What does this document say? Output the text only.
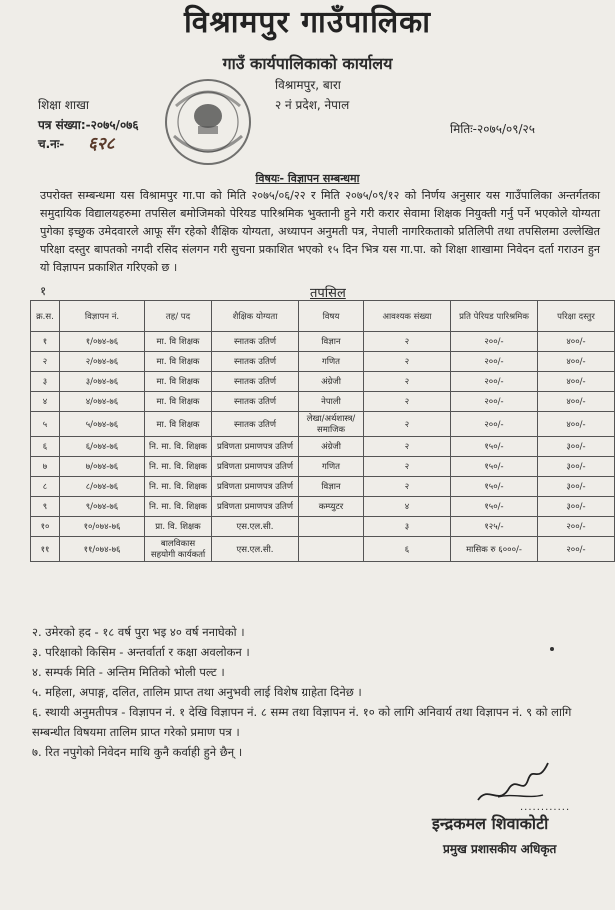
विश्रामपुर गाउँपालिका
गाउँ कार्यपालिकाको कार्यालय
विश्रामपुर, बारा
२ नं प्रदेश, नेपाल
शिक्षा शाखा
पत्र संख्या:-२०७५/०७६
च.नः- ६२८
मितिः-२०७५/०९/२५
विषयः- विज्ञापन सम्बन्धमा
उपरोक्त सम्बन्धमा यस विश्रामपुर गा.पा को मिति २०७५/०६/२२ र मिति २०७५/०९/१२ को निर्णय अनुसार यस गाउँपालिका अन्तर्गतका समुदायिक विद्यालयहरुमा तपसिल बमोजिमको पेरियड पारिश्रमिक भुक्तानी हुने गरी करार सेवामा शिक्षक नियुक्ती गर्नु पर्ने भएकोले योग्यता पुगेका इच्छुक उमेदवारले आफू सँग रहेको शैक्षिक योग्यता, अध्यापन अनुमती पत्र, नेपाली नागरिकताको प्रतिलिपी तथा तपसिलमा उल्लेखित परिक्षा दस्तुर बापतको नगदी रसिद संलगन गरी सुचना प्रकाशित भएको १५ दिन भित्र यस गा.पा. को शिक्षा शाखामा निवेदन दर्ता गराउन हुन यो विज्ञापन प्रकाशित गरिएको छ ।
१	तपसिल
क्र.स.	विज्ञापन नं.	तह/ पद	शैक्षिक योग्यता	विषय	आवश्यक संख्या	प्रति पेरियड पारिश्रमिक	परिक्षा दस्तुर
१	१/०७४-७६	मा. वि शिक्षक	स्नातक उतिर्ण	विज्ञान	२	२००/-	४००/-
२	२/०७४-७६	मा. वि शिक्षक	स्नातक उतिर्ण	गणित	२	२००/-	४००/-
३	३/०७४-७६	मा. वि शिक्षक	स्नातक उतिर्ण	अंग्रेजी	२	२००/-	४००/-
४	४/०७४-७६	मा. वि शिक्षक	स्नातक उतिर्ण	नेपाली	२	२००/-	४००/-
५	५/०७४-७६	मा. वि शिक्षक	स्नातक उतिर्ण	लेखा/अर्थशास्त्र/ समाजिक	२	२००/-	४००/-
६	६/०७४-७६	नि. मा. वि. शिक्षक	प्रविणता प्रमाणपत्र उतिर्ण	अंग्रेजी	२	१५०/-	३००/-
७	७/०७४-७६	नि. मा. वि. शिक्षक	प्रविणता प्रमाणपत्र उतिर्ण	गणित	२	१५०/-	३००/-
८	८/०७४-७६	नि. मा. वि. शिक्षक	प्रविणता प्रमाणपत्र उतिर्ण	विज्ञान	२	१५०/-	३००/-
९	९/०७४-७६	नि. मा. वि. शिक्षक	प्रविणता प्रमाणपत्र उतिर्ण	कम्प्युटर	४	१५०/-	३००/-
१०	१०/०७४-७६	प्रा. वि. शिक्षक	एस.एल.सी.		३	१२५/-	२००/-
११	११/०७४-७६	बालविकास सहयोगी कार्यकर्ता	एस.एल.सी.		६	मासिक रु ६०००/-	२००/-
२. उमेरको हद - १८ वर्ष पुरा भइ ४० वर्ष ननाघेको ।
३. परिक्षाको किसिम - अन्तर्वार्ता र कक्षा अवलोकन ।
४. सम्पर्क मिति - अन्तिम मितिको भोली पल्ट ।
५. महिला, अपाङ्ग, दलित, तालिम प्राप्त तथा अनुभवी लाई विशेष ग्राहेता दिनेछ ।
६. स्थायी अनुमतीपत्र - विज्ञापन नं. १ देखि विज्ञापन नं. ८ सम्म तथा विज्ञापन नं. १० को लागि अनिवार्य तथा विज्ञापन नं. ९ को लागि सम्बन्धीत विषयमा तालिम प्राप्त गरेको प्रमाण पत्र ।
७. रित नपुगेको निवेदन माथि कुनै कर्वाही हुने छैन् ।
............
इन्द्रकमल शिवाकोटी
प्रमुख प्रशासकीय अधिकृत
